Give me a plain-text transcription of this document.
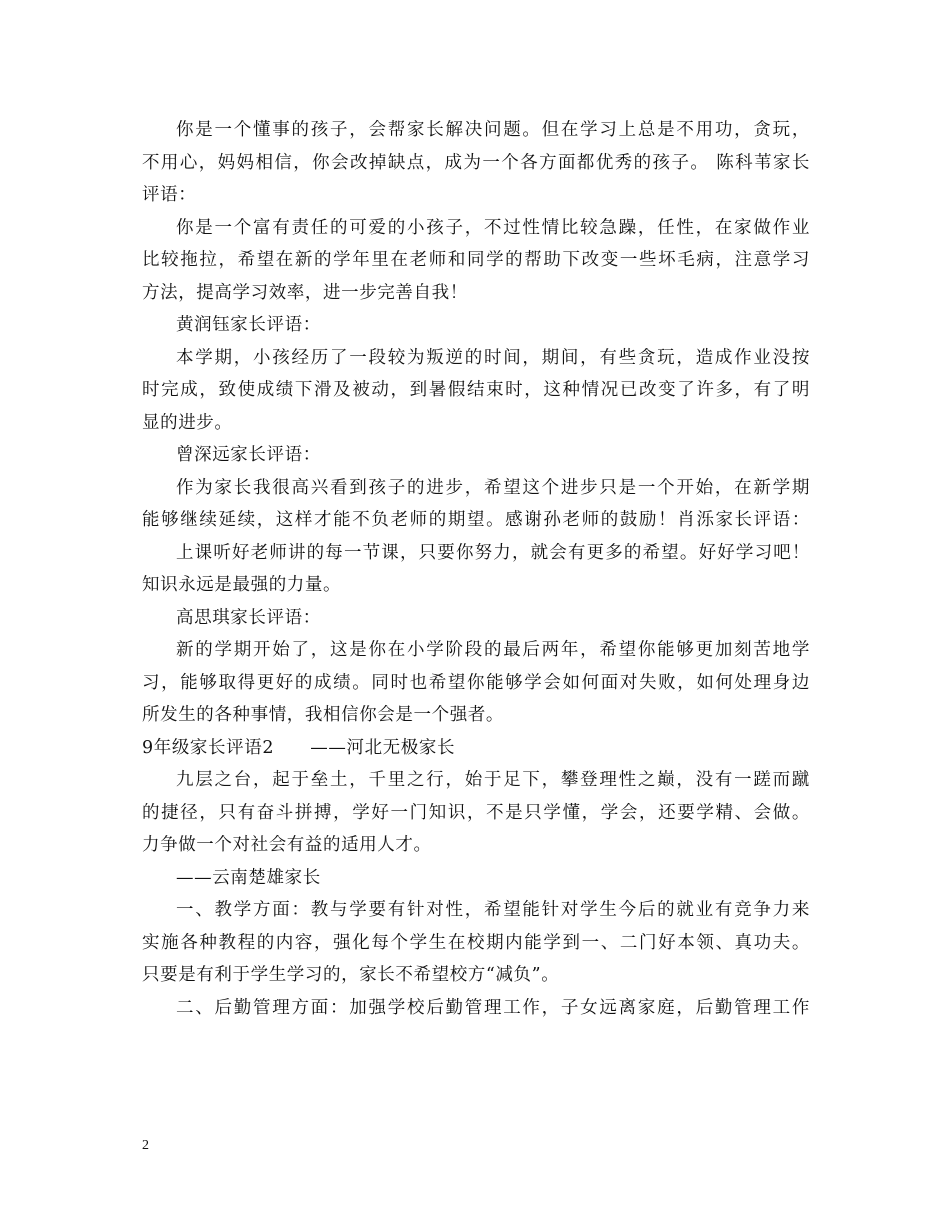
你是一个懂事的孩子，会帮家长解决问题。但在学习上总是不用功，贪玩，
不用心，妈妈相信，你会改掉缺点，成为一个各方面都优秀的孩子。 陈科苇家长
评语：
你是一个富有责任的可爱的小孩子，不过性情比较急躁，任性，在家做作业
比较拖拉，希望在新的学年里在老师和同学的帮助下改变一些坏毛病，注意学习
方法，提高学习效率，进一步完善自我！
黄润钰家长评语：
本学期，小孩经历了一段较为叛逆的时间，期间，有些贪玩，造成作业没按
时完成，致使成绩下滑及被动，到暑假结束时，这种情况已改变了许多，有了明
显的进步。
曾深远家长评语：
作为家长我很高兴看到孩子的进步，希望这个进步只是一个开始，在新学期
能够继续延续，这样才能不负老师的期望。感谢孙老师的鼓励！肖泺家长评语：
上课听好老师讲的每一节课，只要你努力，就会有更多的希望。好好学习吧！
知识永远是最强的力量。
高思琪家长评语：
新的学期开始了，这是你在小学阶段的最后两年，希望你能够更加刻苦地学
习，能够取得更好的成绩。同时也希望你能够学会如何面对失败，如何处理身边
所发生的各种事情，我相信你会是一个强者。
9年级家长评语2　　——河北无极家长
九层之台，起于垒土，千里之行，始于足下，攀登理性之巅，没有一蹉而蹴
的捷径，只有奋斗拼搏，学好一门知识，不是只学懂，学会，还要学精、会做。
力争做一个对社会有益的适用人才。
——云南楚雄家长
一、教学方面：教与学要有针对性，希望能针对学生今后的就业有竞争力来
实施各种教程的内容，强化每个学生在校期内能学到一、二门好本领、真功夫。
只要是有利于学生学习的，家长不希望校方“减负”。
二、后勤管理方面：加强学校后勤管理工作，子女远离家庭，后勤管理工作
2
